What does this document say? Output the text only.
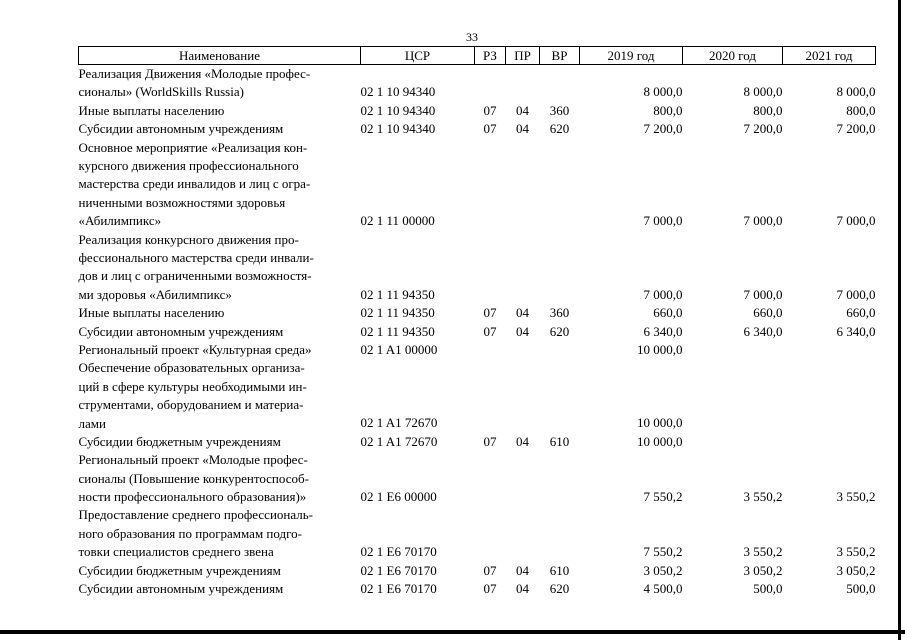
33
Наименование	ЦСР	РЗ	ПР	ВР	2019 год	2020 год	2021 год

Реализация Движения «Молодые профес-
сионалы» (WorldSkills Russia)	02 1 10 94340				8 000,0	8 000,0	8 000,0

Иные выплаты населению	02 1 10 94340	07	04	360	800,0	800,0	800,0

Субсидии автономным учреждениям	02 1 10 94340	07	04	620	7 200,0	7 200,0	7 200,0

Основное мероприятие «Реализация кон-
курсного движения профессионального
мастерства среди инвалидов и лиц с огра-
ниченными возможностями здоровья
«Абилимпикс»	02 1 11 00000				7 000,0	7 000,0	7 000,0

Реализация конкурсного движения про-
фессионального мастерства среди инвали-
дов и лиц с ограниченными возможностя-
ми здоровья «Абилимпикс»	02 1 11 94350				7 000,0	7 000,0	7 000,0

Иные выплаты населению	02 1 11 94350	07	04	360	660,0	660,0	660,0

Субсидии автономным учреждениям	02 1 11 94350	07	04	620	6 340,0	6 340,0	6 340,0

Региональный проект «Культурная среда»	02 1 A1 00000				10 000,0		

Обеспечение образовательных организа-
ций в сфере культуры необходимыми ин-
струментами, оборудованием и материа-
лами	02 1 A1 72670				10 000,0		

Субсидии бюджетным учреждениям	02 1 A1 72670	07	04	610	10 000,0		

Региональный проект «Молодые профес-
сионалы (Повышение конкурентоспособ-
ности профессионального образования)»	02 1 E6 00000				7 550,2	3 550,2	3 550,2

Предоставление среднего профессиональ-
ного образования по программам подго-
товки специалистов среднего звена	02 1 E6 70170				7 550,2	3 550,2	3 550,2

Субсидии бюджетным учреждениям	02 1 E6 70170	07	04	610	3 050,2	3 050,2	3 050,2

Субсидии автономным учреждениям	02 1 E6 70170	07	04	620	4 500,0	500,0	500,0
